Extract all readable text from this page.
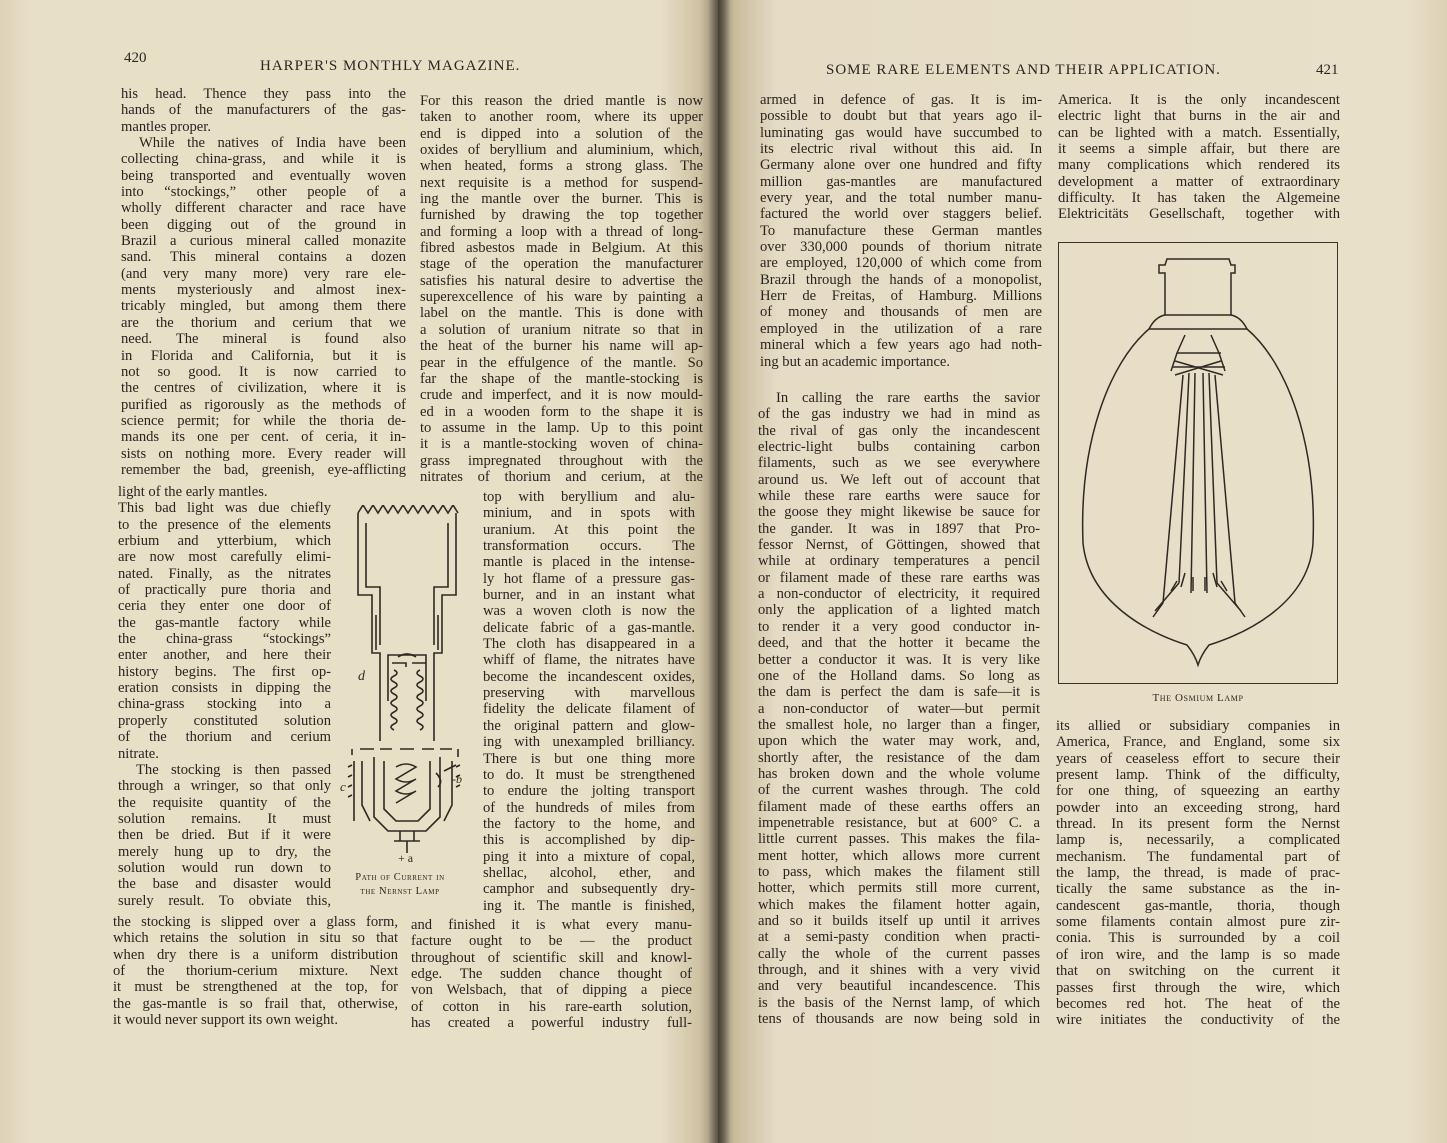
420	HARPER'S MONTHLY MAGAZINE.
his head. Thence they pass into the
hands of the manufacturers of the gas-
mantles proper.
While the natives of India have been
collecting china-grass, and while it is
being transported and eventually woven
into “stockings,” other people of a
wholly different character and race have
been digging out of the ground in
Brazil a curious mineral called monazite
sand. This mineral contains a dozen
(and very many more) very rare ele-
ments mysteriously and almost inex-
tricably mingled, but among them there
are the thorium and cerium that we
need. The mineral is found also
in Florida and California, but it is
not so good. It is now carried to
the centres of civilization, where it is
purified as rigorously as the methods of
science permit; for while the thoria de-
mands its one per cent. of ceria, it in-
sists on nothing more. Every reader will
remember the bad, greenish, eye-afflicting
light of the early mantles.
This bad light was due chiefly
to the presence of the elements
erbium and ytterbium, which
are now most carefully elimi-
nated. Finally, as the nitrates
of practically pure thoria and
ceria they enter one door of
the gas-mantle factory while
the china-grass “stockings”
enter another, and here their
history begins. The first op-
eration consists in dipping the
china-grass stocking into a
properly constituted solution
of the thorium and cerium
nitrate.
The stocking is then passed
through a wringer, so that only
the requisite quantity of the
solution remains. It must
then be dried. But if it were
merely hung up to dry, the
solution would run down to
the base and disaster would
surely result. To obviate this,
the stocking is slipped over a glass form,
which retains the solution in situ so that
when dry there is a uniform distribution
of the thorium-cerium mixture. Next
it must be strengthened at the top, for
the gas-mantle is so frail that, otherwise,
it would never support its own weight.
For this reason the dried mantle is now
taken to another room, where its upper
end is dipped into a solution of the
oxides of beryllium and aluminium, which,
when heated, forms a strong glass. The
next requisite is a method for suspend-
ing the mantle over the burner. This is
furnished by drawing the top together
and forming a loop with a thread of long-
fibred asbestos made in Belgium. At this
stage of the operation the manufacturer
satisfies his natural desire to advertise the
superexcellence of his ware by painting a
label on the mantle. This is done with
a solution of uranium nitrate so that in
the heat of the burner his name will ap-
pear in the effulgence of the mantle. So
far the shape of the mantle-stocking is
crude and imperfect, and it is now mould-
ed in a wooden form to the shape it is
to assume in the lamp. Up to this point
it is a mantle-stocking woven of china-
grass impregnated throughout with the
nitrates of thorium and cerium, at the
top with beryllium and alu-
minium, and in spots with
uranium. At this point the
transformation occurs. The
mantle is placed in the intense-
ly hot flame of a pressure gas-
burner, and in an instant what
was a woven cloth is now the
delicate fabric of a gas-mantle.
The cloth has disappeared in a
whiff of flame, the nitrates have
become the incandescent oxides,
preserving with marvellous
fidelity the delicate filament of
the original pattern and glow-
ing with unexampled brilliancy.
There is but one thing more
to do. It must be strengthened
to endure the jolting transport
of the hundreds of miles from
the factory to the home, and
this is accomplished by dip-
ping it into a mixture of copal,
shellac, alcohol, ether, and
camphor and subsequently dry-
ing it. The mantle is finished,
and finished it is what every manu-
facture ought to be — the product
throughout of scientific skill and knowl-
edge. The sudden chance thought of
von Welsbach, that of dipping a piece
of cotton in his rare-earth solution,
has created a powerful industry full-
+ a
-b
c
d
Path of Current in
the Nernst Lamp
SOME RARE ELEMENTS AND THEIR APPLICATION.	421
armed in defence of gas. It is im-
possible to doubt but that years ago il-
luminating gas would have succumbed to
its electric rival without this aid. In
Germany alone over one hundred and fifty
million gas-mantles are manufactured
every year, and the total number manu-
factured the world over staggers belief.
To manufacture these German mantles
over 330,000 pounds of thorium nitrate
are employed, 120,000 of which come from
Brazil through the hands of a monopolist,
Herr de Freitas, of Hamburg. Millions
of money and thousands of men are
employed in the utilization of a rare
mineral which a few years ago had noth-
ing but an academic importance.
In calling the rare earths the savior
of the gas industry we had in mind as
the rival of gas only the incandescent
electric-light bulbs containing carbon
filaments, such as we see everywhere
around us. We left out of account that
while these rare earths were sauce for
the goose they might likewise be sauce for
the gander. It was in 1897 that Pro-
fessor Nernst, of Göttingen, showed that
while at ordinary temperatures a pencil
or filament made of these rare earths was
a non-conductor of electricity, it required
only the application of a lighted match
to render it a very good conductor in-
deed, and that the hotter it became the
better a conductor it was. It is very like
one of the Holland dams. So long as
the dam is perfect the dam is safe—it is
a non-conductor of water—but permit
the smallest hole, no larger than a finger,
upon which the water may work, and,
shortly after, the resistance of the dam
has broken down and the whole volume
of the current washes through. The cold
filament made of these earths offers an
impenetrable resistance, but at 600° C. a
little current passes. This makes the fila-
ment hotter, which allows more current
to pass, which makes the filament still
hotter, which permits still more current,
which makes the filament hotter again,
and so it builds itself up until it arrives
at a semi-pasty condition when practi-
cally the whole of the current passes
through, and it shines with a very vivid
and very beautiful incandescence. This
is the basis of the Nernst lamp, of which
tens of thousands are now being sold in
America. It is the only incandescent
electric light that burns in the air and
can be lighted with a match. Essentially,
it seems a simple affair, but there are
many complications which rendered its
development a matter of extraordinary
difficulty. It has taken the Algemeine
Elektricitäts Gesellschaft, together with
The Osmium Lamp
its allied or subsidiary companies in
America, France, and England, some six
years of ceaseless effort to secure their
present lamp. Think of the difficulty,
for one thing, of squeezing an earthy
powder into an exceeding strong, hard
thread. In its present form the Nernst
lamp is, necessarily, a complicated
mechanism. The fundamental part of
the lamp, the thread, is made of prac-
tically the same substance as the in-
candescent gas-mantle, thoria, though
some filaments contain almost pure zir-
conia. This is surrounded by a coil
of iron wire, and the lamp is so made
that on switching on the current it
passes first through the wire, which
becomes red hot. The heat of the
wire initiates the conductivity of the
